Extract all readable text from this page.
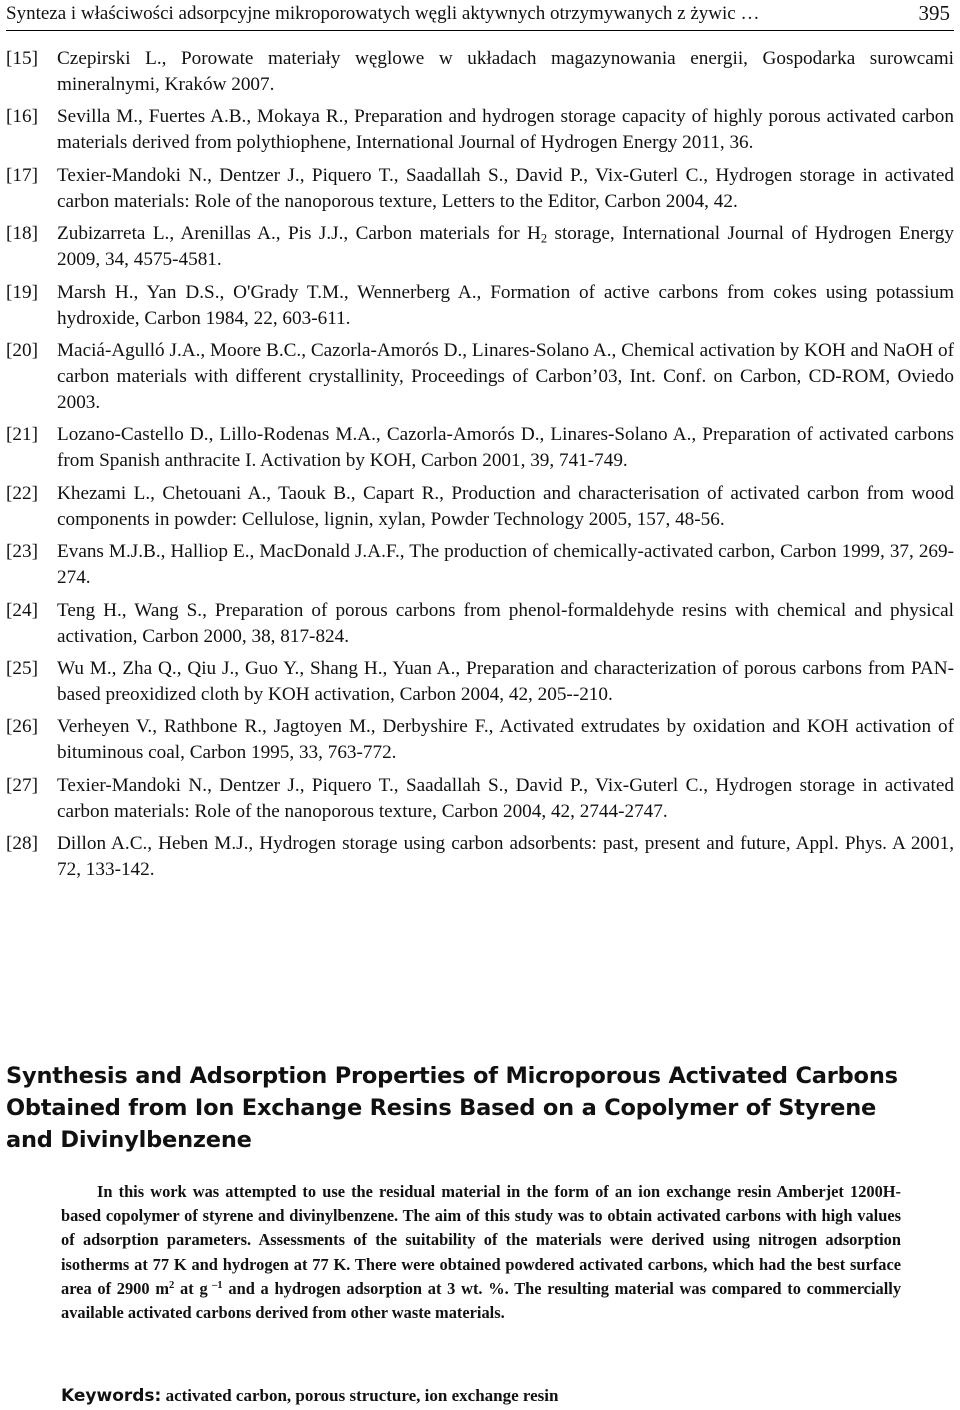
Synteza i właściwości adsorpcyjne mikroporowatych węgli aktywnych otrzymywanych z żywic …	395
[15] Czepirski L., Porowate materiały węglowe w układach magazynowania energii, Gospodarka surowcami mineralnymi, Kraków 2007.
[16] Sevilla M., Fuertes A.B., Mokaya R., Preparation and hydrogen storage capacity of highly porous activated carbon materials derived from polythiophene, International Journal of Hydrogen Energy 2011, 36.
[17] Texier-Mandoki N., Dentzer J., Piquero T., Saadallah S., David P., Vix-Guterl C., Hydrogen storage in activated carbon materials: Role of the nanoporous texture, Letters to the Editor, Carbon 2004, 42.
[18] Zubizarreta L., Arenillas A., Pis J.J., Carbon materials for $H_2$ storage, International Journal of Hydrogen Energy 2009, 34, 4575-4581.
[19] Marsh H., Yan D.S., O'Grady T.M., Wennerberg A., Formation of active carbons from cokes using potassium hydroxide, Carbon 1984, 22, 603-611.
[20] Maciá-Agulló J.A., Moore B.C., Cazorla-Amorós D., Linares-Solano A., Chemical activation by KOH and NaOH of carbon materials with different crystallinity, Proceedings of Carbon’03, Int. Conf. on Carbon, CD-ROM, Oviedo 2003.
[21] Lozano-Castello D., Lillo-Rodenas M.A., Cazorla-Amorós D., Linares-Solano A., Preparation of activated carbons from Spanish anthracite I. Activation by KOH, Carbon 2001, 39, 741-749.
[22] Khezami L., Chetouani A., Taouk B., Capart R., Production and characterisation of activated carbon from wood components in powder: Cellulose, lignin, xylan, Powder Technology 2005, 157, 48-56.
[23] Evans M.J.B., Halliop E., MacDonald J.A.F., The production of chemically-activated carbon, Carbon 1999, 37, 269-274.
[24] Teng H., Wang S., Preparation of porous carbons from phenol-formaldehyde resins with chemical and physical activation, Carbon 2000, 38, 817-824.
[25] Wu M., Zha Q., Qiu J., Guo Y., Shang H., Yuan A., Preparation and characterization of porous carbons from PAN-based preoxidized cloth by KOH activation, Carbon 2004, 42, 205--210.
[26] Verheyen V., Rathbone R., Jagtoyen M., Derbyshire F., Activated extrudates by oxidation and KOH activation of bituminous coal, Carbon 1995, 33, 763-772.
[27] Texier-Mandoki N., Dentzer J., Piquero T., Saadallah S., David P., Vix-Guterl C., Hydrogen storage in activated carbon materials: Role of the nanoporous texture, Carbon 2004, 42, 2744-2747.
[28] Dillon A.C., Heben M.J., Hydrogen storage using carbon adsorbents: past, present and future, Appl. Phys. A 2001, 72, 133-142.
Synthesis and Adsorption Properties of Microporous Activated Carbons
Obtained from Ion Exchange Resins Based on a Copolymer of Styrene
and Divinylbenzene
In this work was attempted to use the residual material in the form of an ion exchange resin Amberjet 1200H-based copolymer of styrene and divinylbenzene. The aim of this study was to obtain activated carbons with high values of adsorption parameters. Assessments of the suitability of the materials were derived using nitrogen adsorption isotherms at 77 K and hydrogen at 77 K. There were obtained powdered activated carbons, which had the best surface area of 2900 $m^2$ at g $^{-1}$ and a hydrogen adsorption at 3 wt. %. The resulting material was compared to commercially available activated carbons derived from other waste materials.
Keywords: activated carbon, porous structure, ion exchange resin
